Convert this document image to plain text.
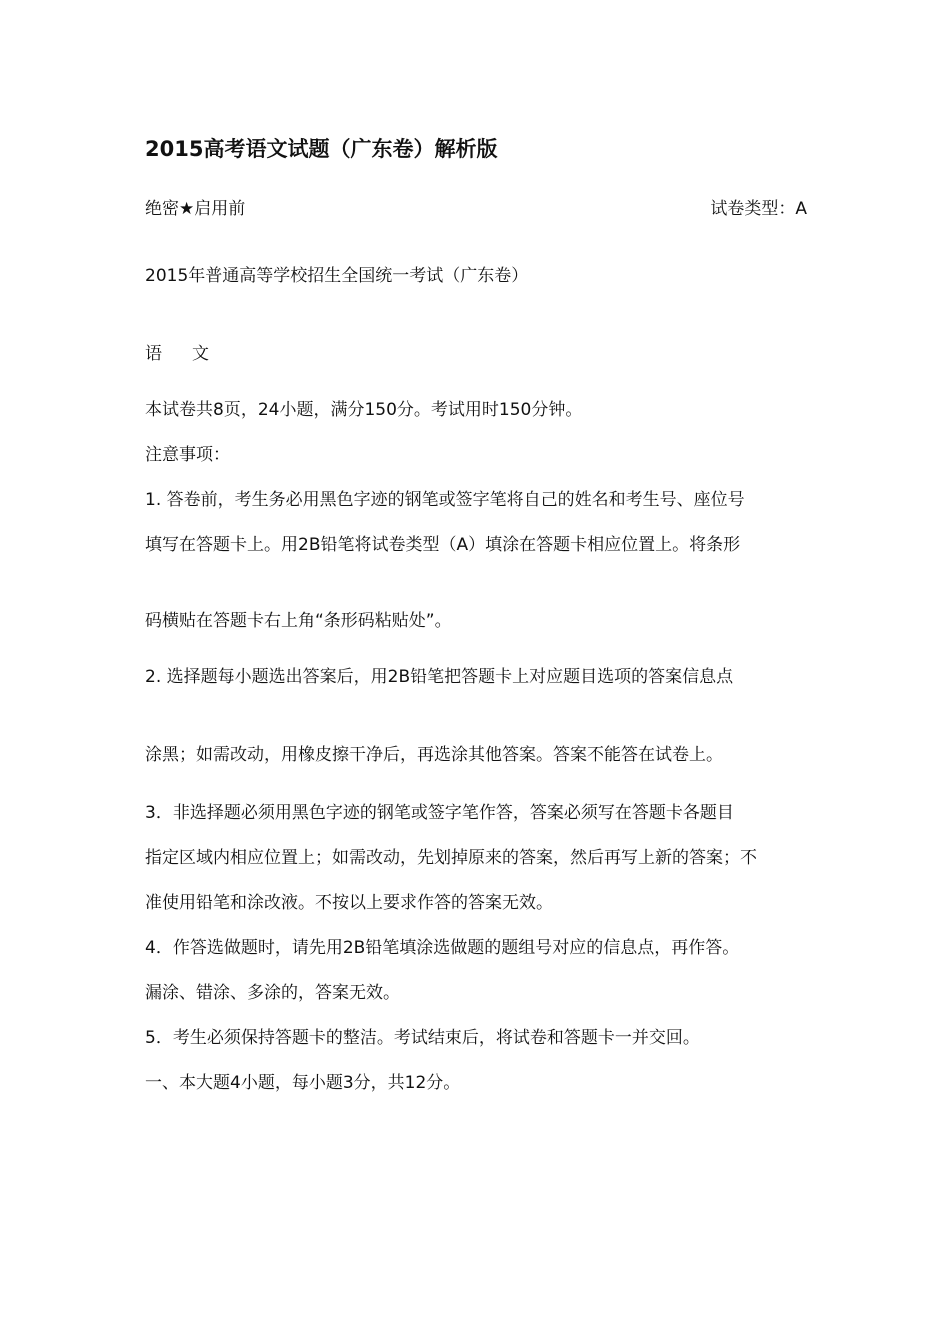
2015高考语文试题（广东卷）解析版
绝密★启用前	试卷类型：A
2015年普通高等学校招生全国统一考试（广东卷）
语 文
本试卷共8页，24小题，满分150分。考试用时150分钟。
注意事项：
1. 答卷前，考生务必用黑色字迹的钢笔或签字笔将自己的姓名和考生号、座位号
填写在答题卡上。用2B铅笔将试卷类型（A）填涂在答题卡相应位置上。将条形
码横贴在答题卡右上角“条形码粘贴处”。
2. 选择题每小题选出答案后，用2B铅笔把答题卡上对应题目选项的答案信息点
涂黑；如需改动，用橡皮擦干净后，再选涂其他答案。答案不能答在试卷上。
3．非选择题必须用黑色字迹的钢笔或签字笔作答，答案必须写在答题卡各题目
指定区域内相应位置上；如需改动，先划掉原来的答案，然后再写上新的答案；不
准使用铅笔和涂改液。不按以上要求作答的答案无效。
4．作答选做题时，请先用2B铅笔填涂选做题的题组号对应的信息点，再作答。
漏涂、错涂、多涂的，答案无效。
5．考生必须保持答题卡的整洁。考试结束后，将试卷和答题卡一并交回。
一、本大题4小题，每小题3分，共12分。
